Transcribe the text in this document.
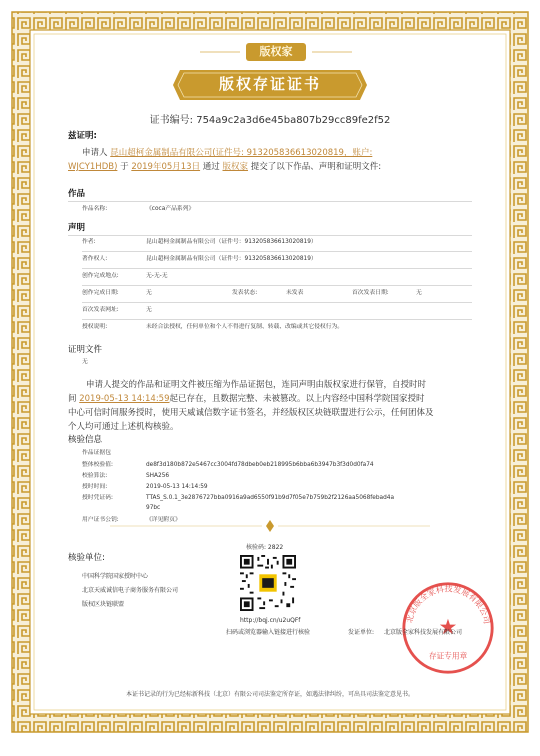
版权家
版权存证证书
证书编号: 754a9c2a3d6e45ba807b29cc89fe2f52
兹证明:
申请人 昆山超柯金属制品有限公司(证件号: 913205836613020819，账户:
WJCY1HDB) 于 2019年05月13日 通过 版权家 提交了以下作品、声明和证明文件:
作品
作品名称:	《coca产品系列》
声明
作者:	昆山超柯金属制品有限公司（证件号：913205836613020819）
著作权人:	昆山超柯金属制品有限公司（证件号：913205836613020819）
创作完成地点:	无-无-无
创作完成日期:	无	发表状态:	未发表	首次发表日期:	无
首次发表网址:	无
授权说明:	未经合法授权，任何单位和个人不得进行复制、转载、改编或其它侵权行为。
证明文件
无
申请人提交的作品和证明文件被压缩为作品证据包，连同声明由版权家进行保管，自授时时
间 2019-05-13 14:14:59起已存在，且数据完整、未被篡改。以上内容经中国科学院国家授时
中心可信时间服务授时，使用天威诚信数字证书签名，并经版权区块链联盟进行公示，任何团体及
个人均可通过上述机构核验。
核验信息
作品证据包
整体校验值:	de8f3d180b872e5467cc3004fd78dbeb0eb218995b6bba6b3947b3f3d0d0fa74
校验算法:	SHA256
授时时间:	2019-05-13 14:14:59
授时凭证码:	TTAS_S.0.1_3e2876727bba0916a9ad6550f91b9d7f05e7b759b2f2126aa5068febad4a
97bc
用户证书公钥:	《详见附页》
核验单位:
中国科学院国家授时中心
北京天威诚信电子商务服务有限公司
版权区块链联盟
核验码: 2822
http://bqj.cn/u2uQFf
扫码或浏览器输入链接进行核验
北京版全家科技发展有限公司
★
存证专用章
发证单位: 北京版全家科技发展有限公司
本证书记录的行为已经标新科技（北京）有限公司司法鉴定所存证，如遇法律纠纷，可出具司法鉴定意见书。
